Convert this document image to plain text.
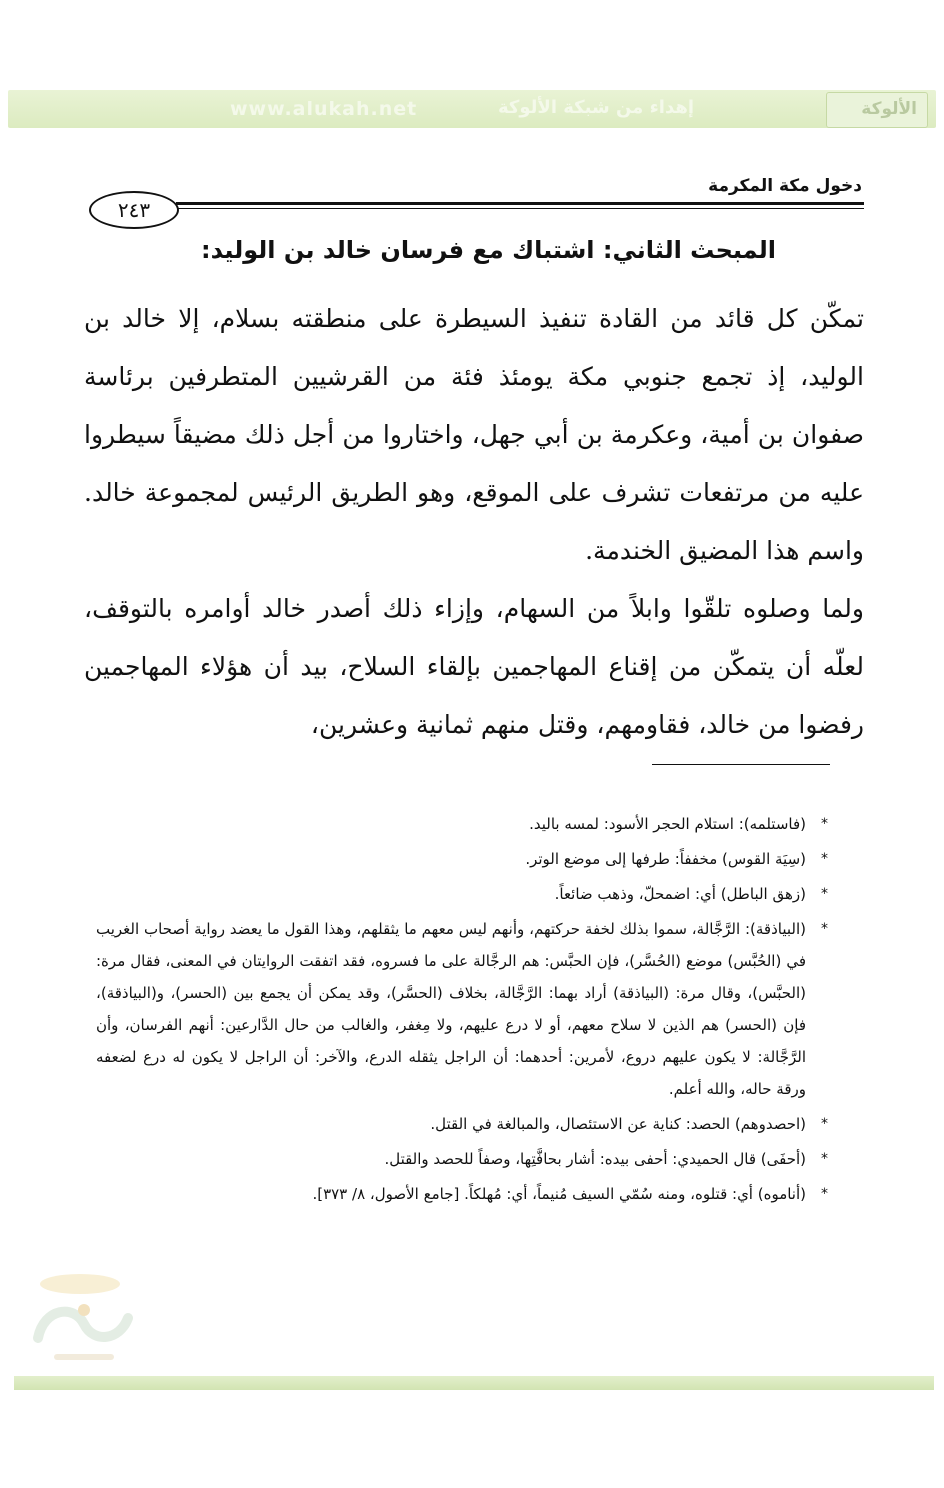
www.alukah.net	إهداء من شبكة الألوكة	الألوكة
دخول مكة المكرمة
٢٤٣
المبحث الثاني: اشتباك مع فرسان خالد بن الوليد:
تمكّن كل قائد من القادة تنفيذ السيطرة على منطقته بسلام، إلا خالد بن الوليد، إذ تجمع جنوبي مكة يومئذ فئة من القرشيين المتطرفين برئاسة صفوان بن أمية، وعكرمة بن أبي جهل، واختاروا من أجل ذلك مضيقاً سيطروا عليه من مرتفعات تشرف على الموقع، وهو الطريق الرئيس لمجموعة خالد. واسم هذا المضيق الخندمة.
ولما وصلوه تلقّوا وابلاً من السهام، وإزاء ذلك أصدر خالد أوامره بالتوقف، لعلّه أن يتمكّن من إقناع المهاجمين بإلقاء السلاح، بيد أن هؤلاء المهاجمين رفضوا من خالد، فقاومهم، وقتل منهم ثمانية وعشرين،

*
(فاستلمه): استلام الحجر الأسود: لمسه باليد.

*
(سِيَة القوس) مخففاً: طرفها إلى موضع الوتر.

*
(زهق الباطل) أي: اضمحلّ، وذهب ضائعاً.

*
(البياذقة): الرَّجَّالة، سموا بذلك لخفة حركتهم، وأنهم ليس معهم ما يثقلهم، وهذا القول ما يعضد رواية أصحاب الغريب في (الحُبَّس) موضع (الحُسَّر)، فإن الحبَّس: هم الرجَّالة على ما فسروه، فقد اتفقت الروايتان في المعنى، فقال مرة: (الحبَّس)، وقال مرة: (البياذقة) أراد بهما: الرَّجَّالة، بخلاف (الحسَّر)، وقد يمكن أن يجمع بين (الحسر)، و(البياذقة)، فإن (الحسر) هم الذين لا سلاح معهم، أو لا درع عليهم، ولا مِغفر، والغالب من حال الدَّارعين: أنهم الفرسان، وأن الرَّجَّالة: لا يكون عليهم دروع، لأمرين: أحدهما: أن الراجل يثقله الدرع، والآخر: أن الراجل لا يكون له درع لضعفه ورقة حاله، والله أعلم.

*
(احصدوهم) الحصد: كناية عن الاستئصال، والمبالغة في القتل.

*
(أحفَى) قال الحميدي: أحفى بيده: أشار بحافَّتِها، وصفاً للحصد والقتل.

*
(أناموه) أي: قتلوه، ومنه سُمّي السيف مُنيماً، أي: مُهلكاً. [جامع الأصول، ٨/ ٣٧٣].
